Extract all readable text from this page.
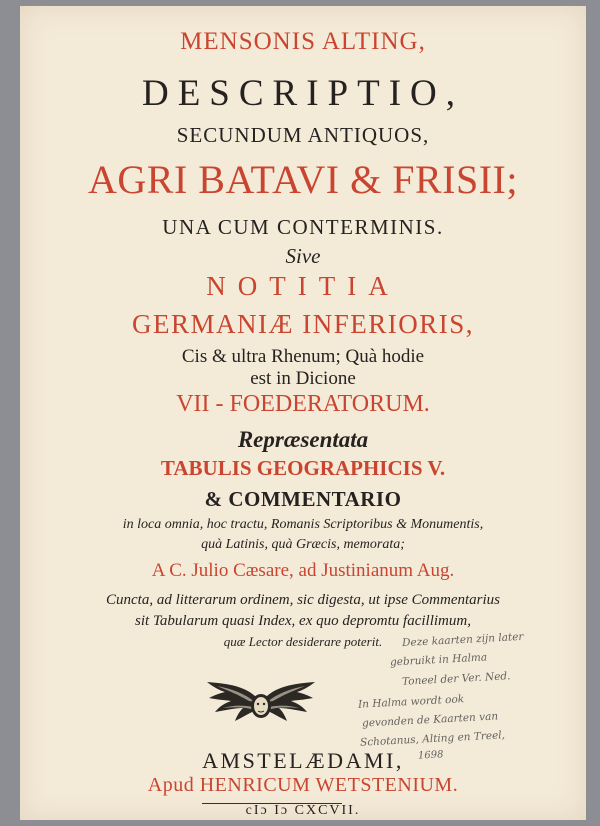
MENSONIS ALTING,
DESCRIPTIO,
SECUNDUM ANTIQUOS,
AGRI BATAVI & FRISII;
UNA CUM CONTERMINIS.
Sive
NOTITIA
GERMANIÆ INFERIORIS,
Cis & ultra Rhenum; Quà hodie
est in Dicione
VII - FOEDERATORUM.
Repræsentata
TABULIS GEOGRAPHICIS V.
& COMMENTARIO
in loca omnia, hoc tractu, Romanis Scriptoribus & Monumentis,
quà Latinis, quà Græcis, memorata;
A C. Julio Cæsare, ad Justinianum Aug.
Cuncta, ad litterarum ordinem, sic digesta, ut ipse Commentarius
sit Tabularum quasi Index, ex quo depromtu facillimum,
quæ Lector desiderare poterit.
AMSTELÆDAMI,
Apud HENRICUM WETSTENIUM.
cIɔ Iɔ CXCVII.
Deze kaarten zijn later
gebruikt in Halma
Toneel der Ver. Ned.
In Halma wordt ook
gevonden de Kaarten van
Schotanus, Alting en Treel,
1698
